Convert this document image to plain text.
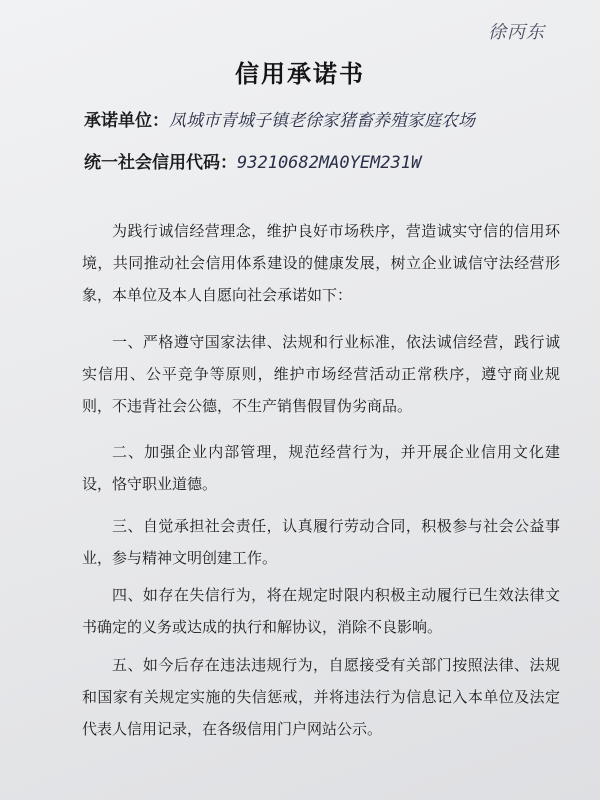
徐丙东
信用承诺书
承诺单位：凤城市青城子镇老徐家猪畜养殖家庭农场
统一社会信用代码：93210682MA0YEM231W

为践行诚信经营理念，维护良好市场秩序，营造诚实守信的信用环境，共同推动社会信用体系建设的健康发展，树立企业诚信守法经营形象，本单位及本人自愿向社会承诺如下：

一、严格遵守国家法律、法规和行业标准，依法诚信经营，践行诚实信用、公平竞争等原则，维护市场经营活动正常秩序，遵守商业规则，不违背社会公德，不生产销售假冒伪劣商品。

二、加强企业内部管理，规范经营行为，并开展企业信用文化建设，恪守职业道德。

三、自觉承担社会责任，认真履行劳动合同，积极参与社会公益事业，参与精神文明创建工作。

四、如存在失信行为，将在规定时限内积极主动履行已生效法律文书确定的义务或达成的执行和解协议，消除不良影响。

五、如今后存在违法违规行为，自愿接受有关部门按照法律、法规和国家有关规定实施的失信惩戒，并将违法行为信息记入本单位及法定代表人信用记录，在各级信用门户网站公示。
